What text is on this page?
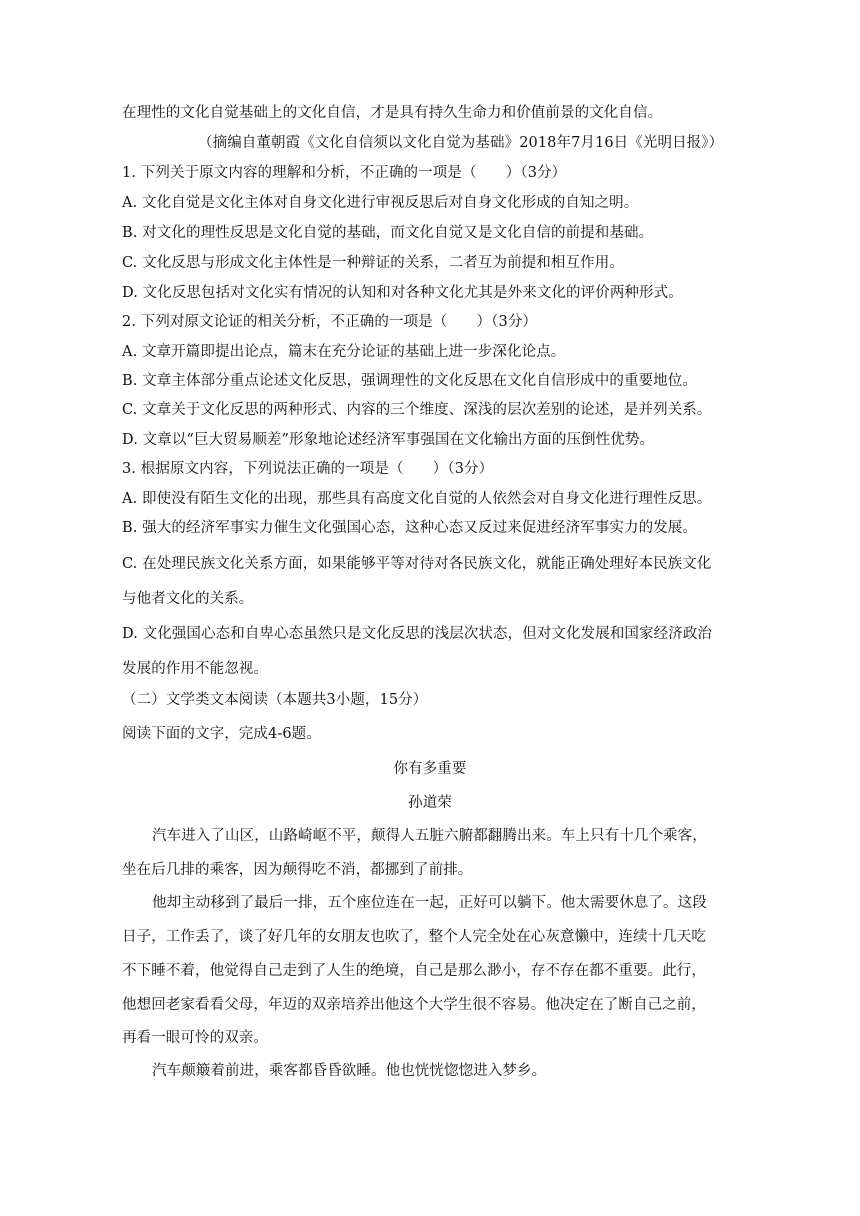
在理性的文化自觉基础上的文化自信，才是具有持久生命力和价值前景的文化自信。
（摘编自董朝霞《文化自信须以文化自觉为基础》2018年7月16日《光明日报》）
1. 下列关于原文内容的理解和分析，不正确的一项是（　　）（3分）
A. 文化自觉是文化主体对自身文化进行审视反思后对自身文化形成的自知之明。
B. 对文化的理性反思是文化自觉的基础，而文化自觉又是文化自信的前提和基础。
C. 文化反思与形成文化主体性是一种辩证的关系，二者互为前提和相互作用。
D. 文化反思包括对文化实有情况的认知和对各种文化尤其是外来文化的评价两种形式。
2. 下列对原文论证的相关分析，不正确的一项是（　　）（3分）
A. 文章开篇即提出论点，篇末在充分论证的基础上进一步深化论点。
B. 文章主体部分重点论述文化反思，强调理性的文化反思在文化自信形成中的重要地位。
C. 文章关于文化反思的两种形式、内容的三个维度、深浅的层次差别的论述，是并列关系。
D. 文章以“巨大贸易顺差”形象地论述经济军事强国在文化输出方面的压倒性优势。
3. 根据原文内容，下列说法正确的一项是（　　）（3分）
A. 即使没有陌生文化的出现，那些具有高度文化自觉的人依然会对自身文化进行理性反思。
B. 强大的经济军事实力催生文化强国心态，这种心态又反过来促进经济军事实力的发展。
C. 在处理民族文化关系方面，如果能够平等对待对各民族文化，就能正确处理好本民族文化
与他者文化的关系。
D. 文化强国心态和自卑心态虽然只是文化反思的浅层次状态，但对文化发展和国家经济政治
发展的作用不能忽视。
（二）文学类文本阅读（本题共3小题，15分）
阅读下面的文字，完成4-6题。
你有多重要
孙道荣
汽车进入了山区，山路崎岖不平，颠得人五脏六腑都翻腾出来。车上只有十几个乘客，
坐在后几排的乘客，因为颠得吃不消，都挪到了前排。
他却主动移到了最后一排，五个座位连在一起，正好可以躺下。他太需要休息了。这段
日子，工作丢了，谈了好几年的女朋友也吹了，整个人完全处在心灰意懒中，连续十几天吃
不下睡不着，他觉得自己走到了人生的绝境，自己是那么渺小，存不存在都不重要。此行，
他想回老家看看父母，年迈的双亲培养出他这个大学生很不容易。他决定在了断自己之前，
再看一眼可怜的双亲。
汽车颠簸着前进，乘客都昏昏欲睡。他也恍恍惚惚进入梦乡。
